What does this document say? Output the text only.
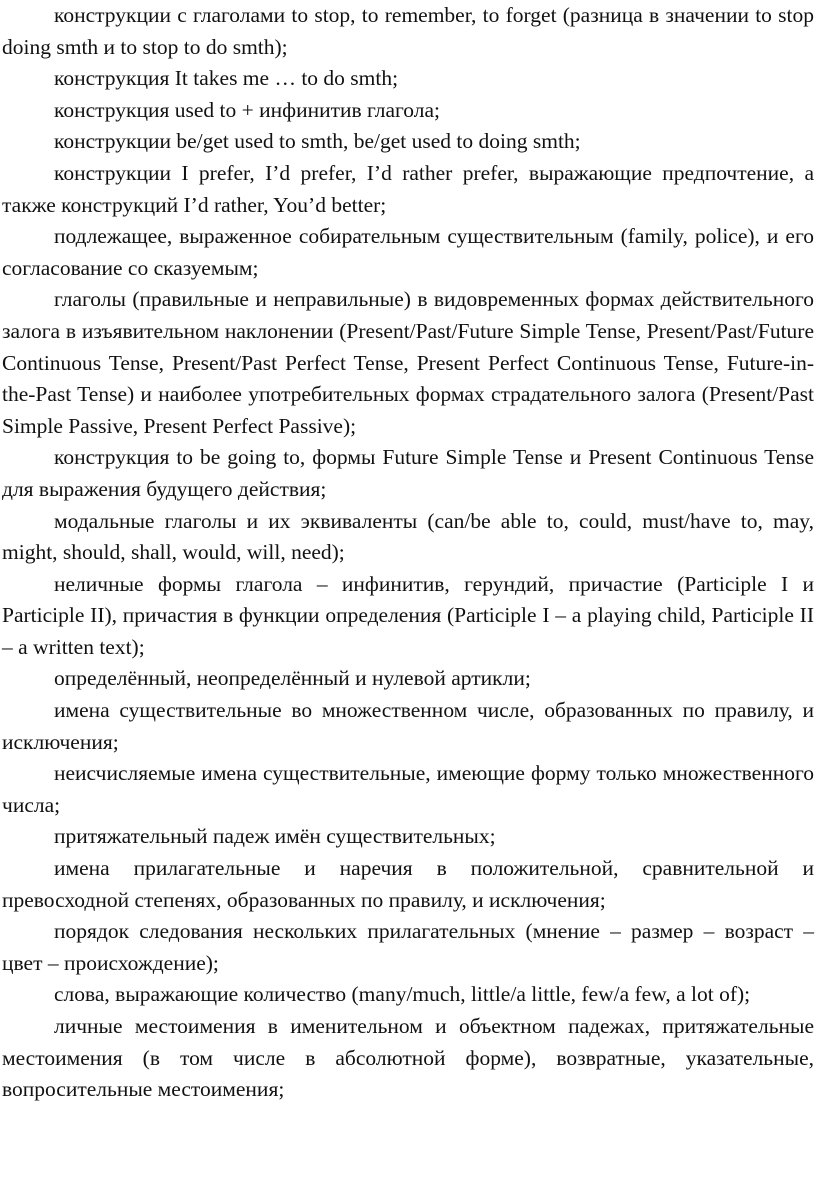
конструкции с глаголами to stop, to remember, to forget (разница в значении to stop doing smth и to stop to do smth);

конструкция It takes me … to do smth;

конструкция used to + инфинитив глагола;

конструкции be/get used to smth, be/get used to doing smth;

конструкции I prefer, I’d prefer, I’d rather prefer, выражающие предпочтение, а также конструкций I’d rather, You’d better;

подлежащее, выраженное собирательным существительным (family, police), и его согласование со сказуемым;

глаголы (правильные и неправильные) в видовременных формах действительного залога в изъявительном наклонении (Present/Past/Future Simple Tense, Present/Past/Future Continuous Tense, Present/Past Perfect Tense, Present Perfect Continuous Tense, Future-in-the-Past Tense) и наиболее употребительных формах страдательного залога (Present/Past Simple Passive, Present Perfect Passive);

конструкция to be going to, формы Future Simple Tense и Present Continuous Tense для выражения будущего действия;

модальные глаголы и их эквиваленты (can/be able to, could, must/have to, may, might, should, shall, would, will, need);

неличные формы глагола – инфинитив, герундий, причастие (Participle I и Participle II), причастия в функции определения (Participle I – a playing child, Participle II – a written text);

определённый, неопределённый и нулевой артикли;

имена существительные во множественном числе, образованных по правилу, и исключения;

неисчисляемые имена существительные, имеющие форму только множественного числа;

притяжательный падеж имён существительных;

имена прилагательные и наречия в положительной, сравнительной и превосходной степенях, образованных по правилу, и исключения;

порядок следования нескольких прилагательных (мнение – размер – возраст – цвет – происхождение);

слова, выражающие количество (many/much, little/a little, few/a few, a lot of);

личные местоимения в именительном и объектном падежах, притяжательные местоимения (в том числе в абсолютной форме), возвратные, указательные, вопросительные местоимения;
